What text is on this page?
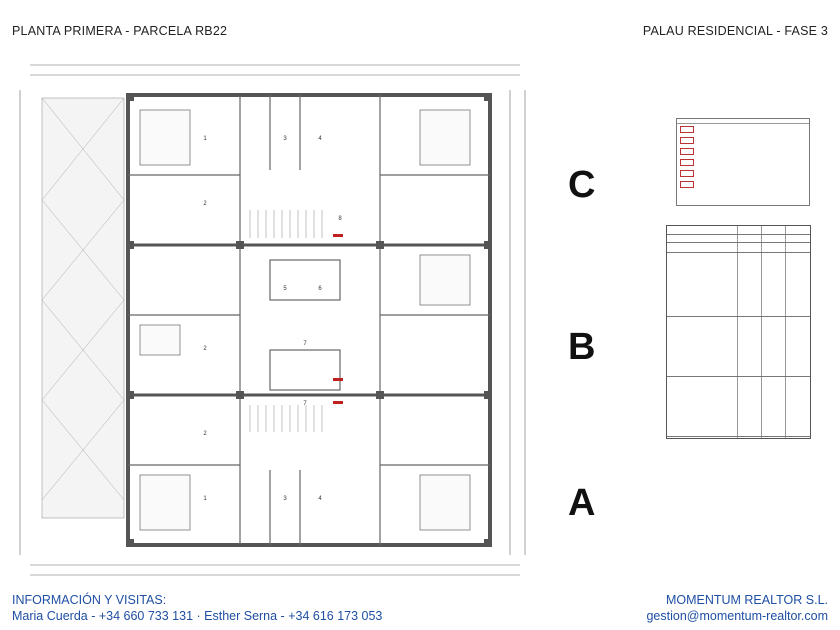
PLANTA PRIMERA - PARCELA RB22	PALAU RESIDENCIAL - FASE 3
1
2
3	4
5	6
7
8
2
1	3	4
2
7
C
B
A
INFORMACIÓN Y VISITAS:
Maria Cuerda - +34 660 733 131 · Esther Serna - +34 616 173 053
MOMENTUM REALTOR S.L.
gestion@momentum-realtor.com
